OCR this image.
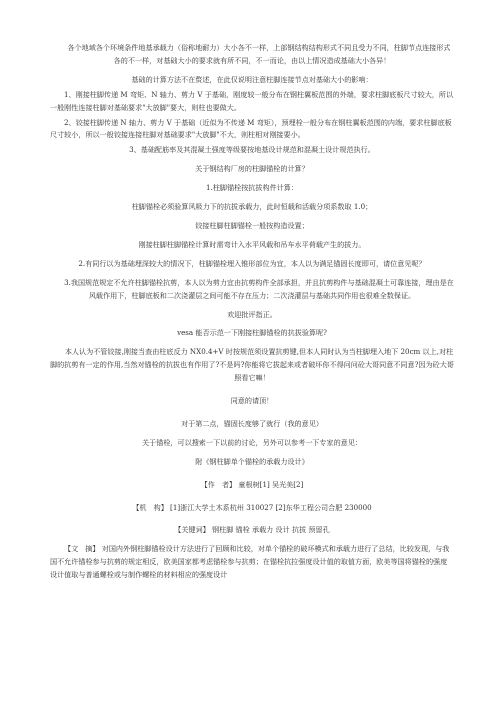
各个地域各个环境条件地基承载力（俗称地耐力）大小各不一样，上部钢结构结构形式不同且受力不同，柱脚节点连接形式各的不一样，对基础大小的要求就有所不同，不一而论，由以上情况造成基础大小各异！

基础的计算方法不在赘述，在此仅说明注意柱脚连接节点对基础大小的影响：

1、刚接柱脚传递 M 弯矩、N 轴力、剪力 V 于基础，刚度较一般分布在钢柱翼板范围的外端，要求柱脚底板尺寸较大，所以一般刚性连接柱脚对基础要求"大放脚"要大，则柱也要做大。

2、铰接柱脚传递 N 轴力、剪力 V 于基础（近似为不传递 M 弯矩），预埋栓一般分布在钢柱翼板范围的内端，要求柱脚底板尺寸较小，所以一般铰接连接柱脚对基础要求"大放脚"不大，则柱相对刚接要小。

3、基础配筋率及其混凝土强度等级要按地基设计规范和混凝土设计规范执行。

关于钢结构厂房的柱脚锚栓的计算？

1.柱脚锚栓按抗拔构件计算：

柱脚锚栓必须验算风吸力下的抗拔承载力，此时恒载和活载分项系数取 1.0；

铰接柱脚柱脚锚栓一般按构造设置；

刚接柱脚柱脚锚栓计算时需弯计入水平风载和吊车水平荷载产生的拔力。

2.有同行以为基础埋深较大的情况下，柱脚锚栓埋入锥形部位为宜，本人以为满足锚固长度即可，请位意见呢？

3.我国规范规定不允许柱脚锚栓抗剪，本人以为剪力宜由抗剪构件全部承担，并且抗剪构件与基础混凝土可靠连接，理由是在风载作用下，柱脚底板和二次浇灌层之间可能不存在压力；二次浇灌层与基础共同作用也很难全数保证。

欢迎批评指正。

vesa 能否示范一下刚接柱脚锚栓的抗拔验算呢?

本人认为不管铰接,刚接当查由柱底反力 NX0.4+V 时按规范须设置抗剪键,但本人同时认为当柱脚埋入地下 20cm 以上,对柱脚的抗剪有一定的作用,当然对锚栓的抗拔也有作用了?不是吗?你能将它拔起来或者破坏你不得问问砼大哥同意不同意?因为砼大哥照看它嘛！

同意的请顶！

对于第二点，锚固长度够了就行（我的意见）

关于锚栓，可以搜索一下以前的讨论，另外可以参考一下专家的意见：

附《钢柱脚单个锚栓的承载力设计》

【作　者】 童根树[1] 吴光美[2]

【机　构】 [1]浙江大学土木系杭州 310027 [2]东华工程公司合肥 230000

【关键词】 钢柱脚 锚栓 承载力 设计 抗拔 预留孔

【文　摘】 对国内外钢柱脚锚栓设计方法进行了回顾和比较，对单个锚栓的破坏模式和承载力进行了总结，比较发现，与我国不允许锚栓参与抗剪的规定相反，欧美国家都考虑锚栓参与抗剪；在锚栓抗拉强度设计值的取值方面，欧美等国将锚栓的强度设计值取与普通螺栓或与制作螺栓的材料相应的强度设计
